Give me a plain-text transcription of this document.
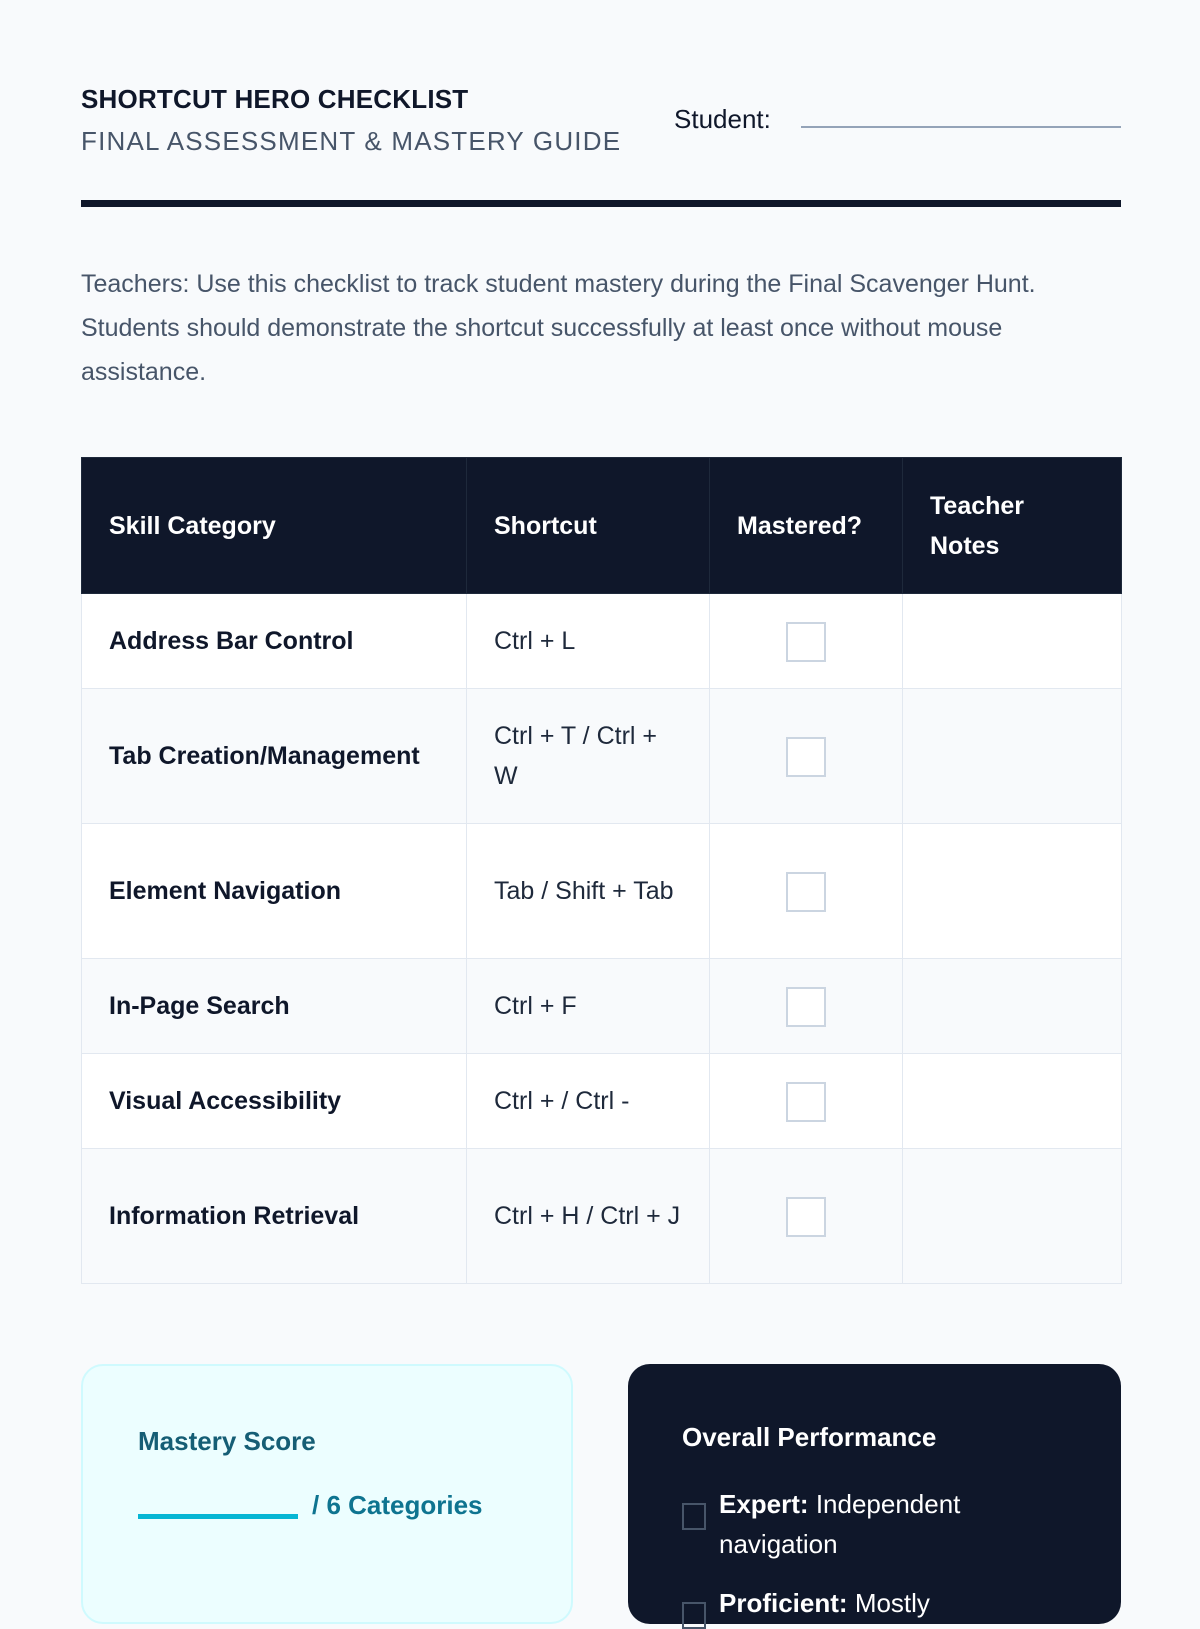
SHORTCUT HERO CHECKLIST
FINAL ASSESSMENT & MASTERY GUIDE
Student:

Teachers: Use this checklist to track student mastery during the Final Scavenger Hunt. Students should demonstrate the shortcut successfully at least once without mouse assistance.

Skill Category	Shortcut	Mastered?	Teacher Notes
Address Bar Control	Ctrl + L		
Tab Creation/Management	Ctrl + T / Ctrl + W		
Element Navigation	Tab / Shift + Tab		
In-Page Search	Ctrl + F		
Visual Accessibility	Ctrl + / Ctrl -		
Information Retrieval	Ctrl + H / Ctrl + J		
Mastery Score
/ 6 Categories
Overall Performance
Expert: Independent navigation
Proficient: Mostly
